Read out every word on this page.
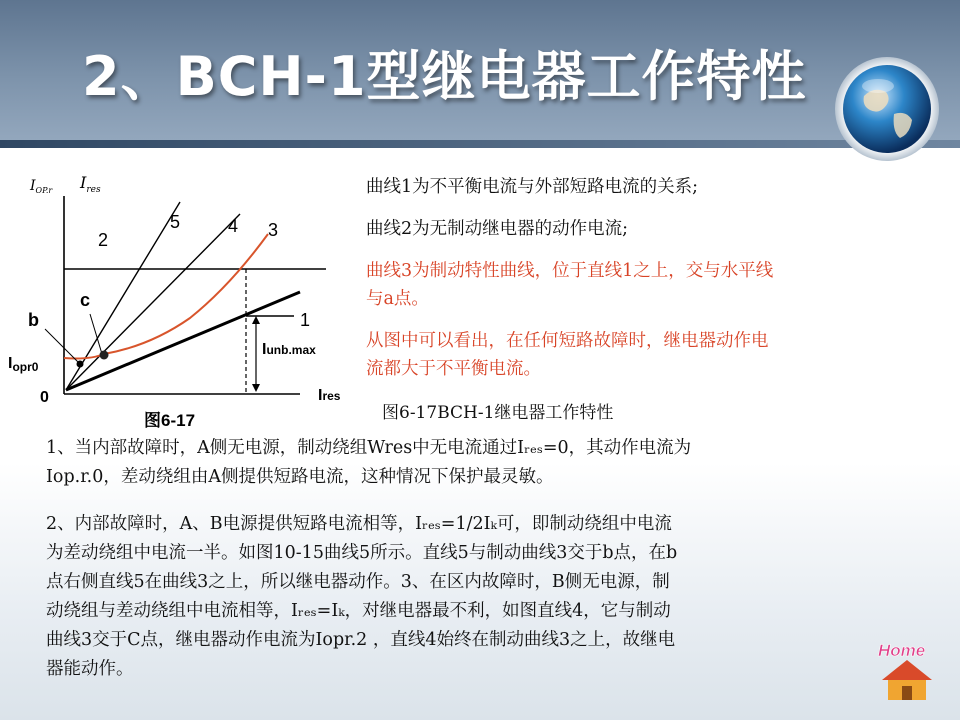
2、BCH-1型继电器工作特性
$I_{OP.r}$ $I_{res}$
5	4 3
2
1
c
b
Iopr0
0
Iunb.max
Ires
图6-17
曲线1为不平衡电流与外部短路电流的关系;
曲线2为无制动继电器的动作电流;
曲线3为制动特性曲线，位于直线1之上，交与水平线
与a点。
从图中可以看出，在任何短路故障时，继电器动作电
流都大于不平衡电流。
图6-17BCH-1继电器工作特性

1、当内部故障时，A侧无电源，制动绕组Wres中无电流通过Iᵣₑₛ=0，其动作电流为

Iop.r.0，差动绕组由A侧提供短路电流，这种情况下保护最灵敏。

2、内部故障时，A、B电源提供短路电流相等，Iᵣₑₛ=1/2Iₖ可，即制动绕组中电流

为差动绕组中电流一半。如图10-15曲线5所示。直线5与制动曲线3交于b点，在b

点右侧直线5在曲线3之上，所以继电器动作。3、在区内故障时，B侧无电源，制

动绕组与差动绕组中电流相等，Iᵣₑₛ=Iₖ，对继电器最不利，如图直线4，它与制动

曲线3交于C点，继电器动作电流为Iopr.2 ，直线4始终在制动曲线3之上，故继电

器能动作。

Home
